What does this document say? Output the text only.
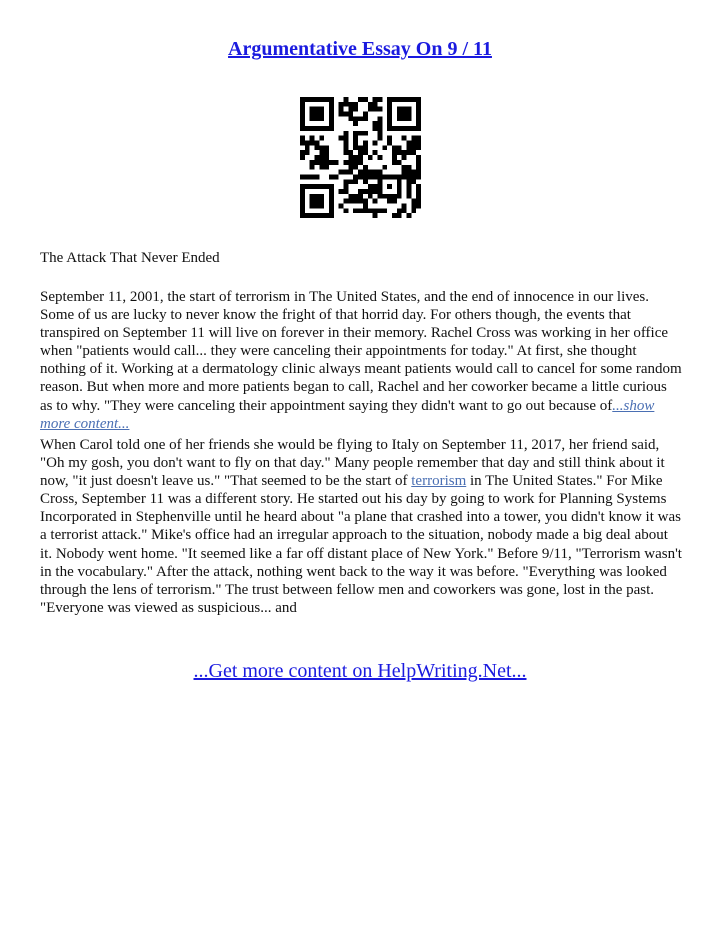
Argumentative Essay On 9 / 11
The Attack That Never Ended
September 11, 2001, the start of terrorism in The United States, and the end of innocence in our lives. Some of us are lucky to never know the fright of that horrid day. For others though, the events that transpired on September 11 will live on forever in their memory. Rachel Cross was working in her office when "patients would call... they were canceling their appointments for today." At first, she thought nothing of it. Working at a dermatology clinic always meant patients would call to cancel for some random reason. But when more and more patients began to call, Rachel and her coworker became a little curious as to why. "They were canceling their appointment saying they didn't want to go out because of...show more content...
When Carol told one of her friends she would be flying to Italy on September 11, 2017, her friend said, "Oh my gosh, you don't want to fly on that day." Many people remember that day and still think about it now, "it just doesn't leave us." "That seemed to be the start of terrorism in The United States." For Mike Cross, September 11 was a different story. He started out his day by going to work for Planning Systems Incorporated in Stephenville until he heard about "a plane that crashed into a tower, you didn't know it was a terrorist attack." Mike's office had an irregular approach to the situation, nobody made a big deal about it. Nobody went home. "It seemed like a far off distant place of New York." Before 9/11, "Terrorism wasn't in the vocabulary." After the attack, nothing went back to the way it was before. "Everything was looked through the lens of terrorism." The trust between fellow men and coworkers was gone, lost in the past. "Everyone was viewed as suspicious... and
...Get more content on HelpWriting.Net...
